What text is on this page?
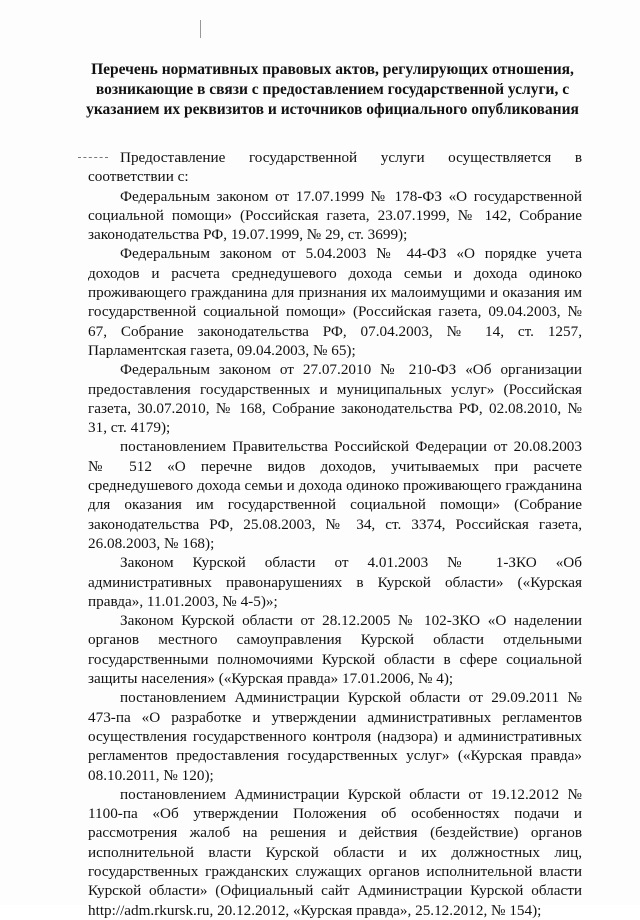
Перечень нормативных правовых актов, регулирующих отношения, возникающие в связи с предоставлением государственной услуги, с указанием их реквизитов и источников официального опубликования

Предоставление государственной услуги осуществляется в соответствии с:

Федеральным законом от 17.07.1999 № 178-ФЗ «О государственной социальной помощи» (Российская газета, 23.07.1999, № 142, Собрание законодательства РФ, 19.07.1999, № 29, ст. 3699);

Федеральным законом от 5.04.2003 № 44-ФЗ «О порядке учета доходов и расчета среднедушевого дохода семьи и дохода одиноко проживающего гражданина для признания их малоимущими и оказания им государственной социальной помощи» (Российская газета, 09.04.2003, № 67, Собрание законодательства РФ, 07.04.2003, № 14, ст. 1257, Парламентская газета, 09.04.2003, № 65);

Федеральным законом от 27.07.2010 № 210-ФЗ «Об организации предоставления государственных и муниципальных услуг» (Российская газета, 30.07.2010, № 168, Собрание законодательства РФ, 02.08.2010, № 31, ст. 4179);

постановлением Правительства Российской Федерации от 20.08.2003 № 512 «О перечне видов доходов, учитываемых при расчете среднедушевого дохода семьи и дохода одиноко проживающего гражданина для оказания им государственной социальной помощи» (Собрание законодательства РФ, 25.08.2003, № 34, ст. 3374, Российская газета, 26.08.2003, № 168);

Законом Курской области от 4.01.2003 № 1-ЗКО «Об административных правонарушениях в Курской области» («Курская правда», 11.01.2003, № 4-5)»;

Законом Курской области от 28.12.2005 № 102-ЗКО «О наделении органов местного самоуправления Курской области отдельными государственными полномочиями Курской области в сфере социальной защиты населения» («Курская правда» 17.01.2006, № 4);

постановлением Администрации Курской области от 29.09.2011 № 473-па «О разработке и утверждении административных регламентов осуществления государственного контроля (надзора) и административных регламентов предоставления государственных услуг» («Курская правда» 08.10.2011, № 120);

постановлением Администрации Курской области от 19.12.2012 № 1100-па «Об утверждении Положения об особенностях подачи и рассмотрения жалоб на решения и действия (бездействие) органов исполнительной власти Курской области и их должностных лиц, государственных гражданских служащих органов исполнительной власти Курской области» (Официальный сайт Администрации Курской области http://adm.rkursk.ru, 20.12.2012, «Курская правда», 25.12.2012, № 154);
